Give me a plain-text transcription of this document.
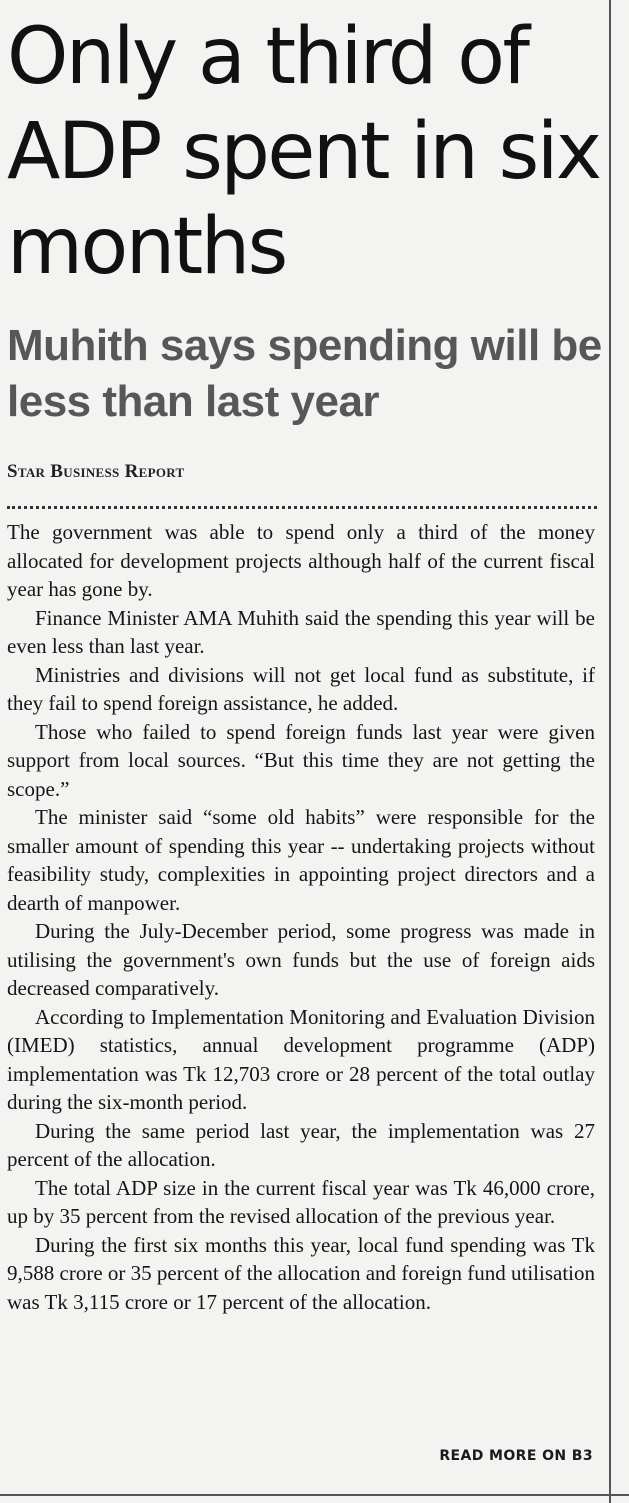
Only a third of ADP spent in six months
Muhith says spending will be less than last year
Star Business Report

The government was able to spend only a third of the money allocated for development projects although half of the current fiscal year has gone by.

Finance Minister AMA Muhith said the spending this year will be even less than last year.

Ministries and divisions will not get local fund as substitute, if they fail to spend foreign assistance, he added.

Those who failed to spend foreign funds last year were given support from local sources. “But this time they are not getting the scope.”

The minister said “some old habits” were responsible for the smaller amount of spending this year -- undertaking projects without feasibility study, complexities in appointing project directors and a dearth of manpower.

During the July-December period, some progress was made in utilising the government's own funds but the use of foreign aids decreased comparatively.

According to Implementation Monitoring and Evaluation Division (IMED) statistics, annual development programme (ADP) implementation was Tk 12,703 crore or 28 percent of the total outlay during the six-month period.

During the same period last year, the implementation was 27 percent of the allocation.

The total ADP size in the current fiscal year was Tk 46,000 crore, up by 35 percent from the revised allocation of the previous year.

During the first six months this year, local fund spending was Tk 9,588 crore or 35 percent of the allocation and foreign fund utilisation was Tk 3,115 crore or 17 percent of the allocation.

READ MORE ON B3
